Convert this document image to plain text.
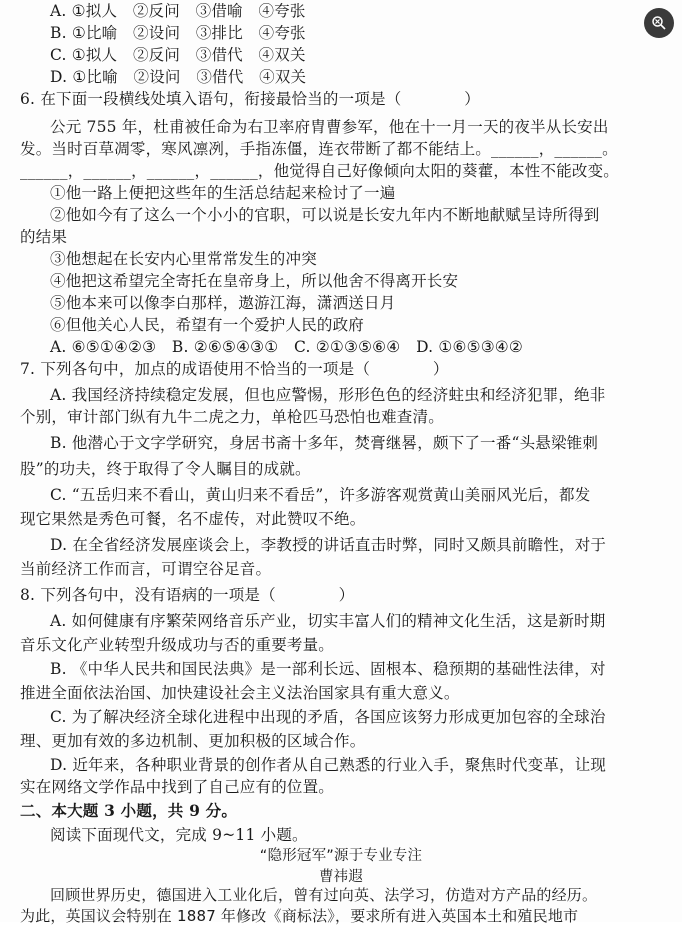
A. ①拟人　②反问　③借喻　④夸张
B. ①比喻　②设问　③排比　④夸张
C. ①拟人　②反问　③借代　④双关
D. ①比喻　②设问　③借代　④双关
6. 在下面一段横线处填入语句，衔接最恰当的一项是（　　　　）
公元 755 年，杜甫被任命为右卫率府胄曹参军，他在十一月一天的夜半从长安出
发。当时百草凋零，寒风凛冽，手指冻僵，连衣带断了都不能结上。______，______。
______，______，______，______，他觉得自己好像倾向太阳的葵藿，本性不能改变。
①他一路上便把这些年的生活总结起来检讨了一遍
②他如今有了这么一个小小的官职，可以说是长安九年内不断地献赋呈诗所得到
的结果
③他想起在长安内心里常常发生的冲突
④他把这希望完全寄托在皇帝身上，所以他舍不得离开长安
⑤他本来可以像李白那样，遨游江海，潇洒送日月
⑥但他关心人民，希望有一个爱护人民的政府
A. ⑥⑤①④②③　B. ②⑥⑤④③①　C. ②①③⑤⑥④　D. ①⑥⑤③④②
7. 下列各句中，加点的成语使用不恰当的一项是（　　　　）
A. 我国经济持续稳定发展，但也应警惕，形形色色的经济蛀虫和经济犯罪，绝非
个别，审计部门纵有九牛二虎之力，单枪匹马恐怕也难查清。
B. 他潜心于文字学研究，身居书斋十多年，焚膏继晷，颇下了一番“头悬梁锥刺
股”的功夫，终于取得了令人瞩目的成就。
C. “五岳归来不看山，黄山归来不看岳”，许多游客观赏黄山美丽风光后，都发
现它果然是秀色可餐，名不虚传，对此赞叹不绝。
D. 在全省经济发展座谈会上，李教授的讲话直击时弊，同时又颇具前瞻性，对于
当前经济工作而言，可谓空谷足音。
8. 下列各句中，没有语病的一项是（　　　　）
A. 如何健康有序繁荣网络音乐产业，切实丰富人们的精神文化生活，这是新时期
音乐文化产业转型升级成功与否的重要考量。
B. 《中华人民共和国民法典》是一部利长远、固根本、稳预期的基础性法律，对
推进全面依法治国、加快建设社会主义法治国家具有重大意义。
C. 为了解决经济全球化进程中出现的矛盾，各国应该努力形成更加包容的全球治
理、更加有效的多边机制、更加积极的区域合作。
D. 近年来，各种职业背景的创作者从自己熟悉的行业入手，聚焦时代变革，让现
实在网络文学作品中找到了自己应有的位置。
二、本大题 3 小题，共 9 分。
阅读下面现代文，完成 9~11 小题。
“隐形冠军”源于专业专注
曹祎遐
回顾世界历史，德国进入工业化后，曾有过向英、法学习，仿造对方产品的经历。
为此，英国议会特别在 1887 年修改《商标法》，要求所有进入英国本土和殖民地市
